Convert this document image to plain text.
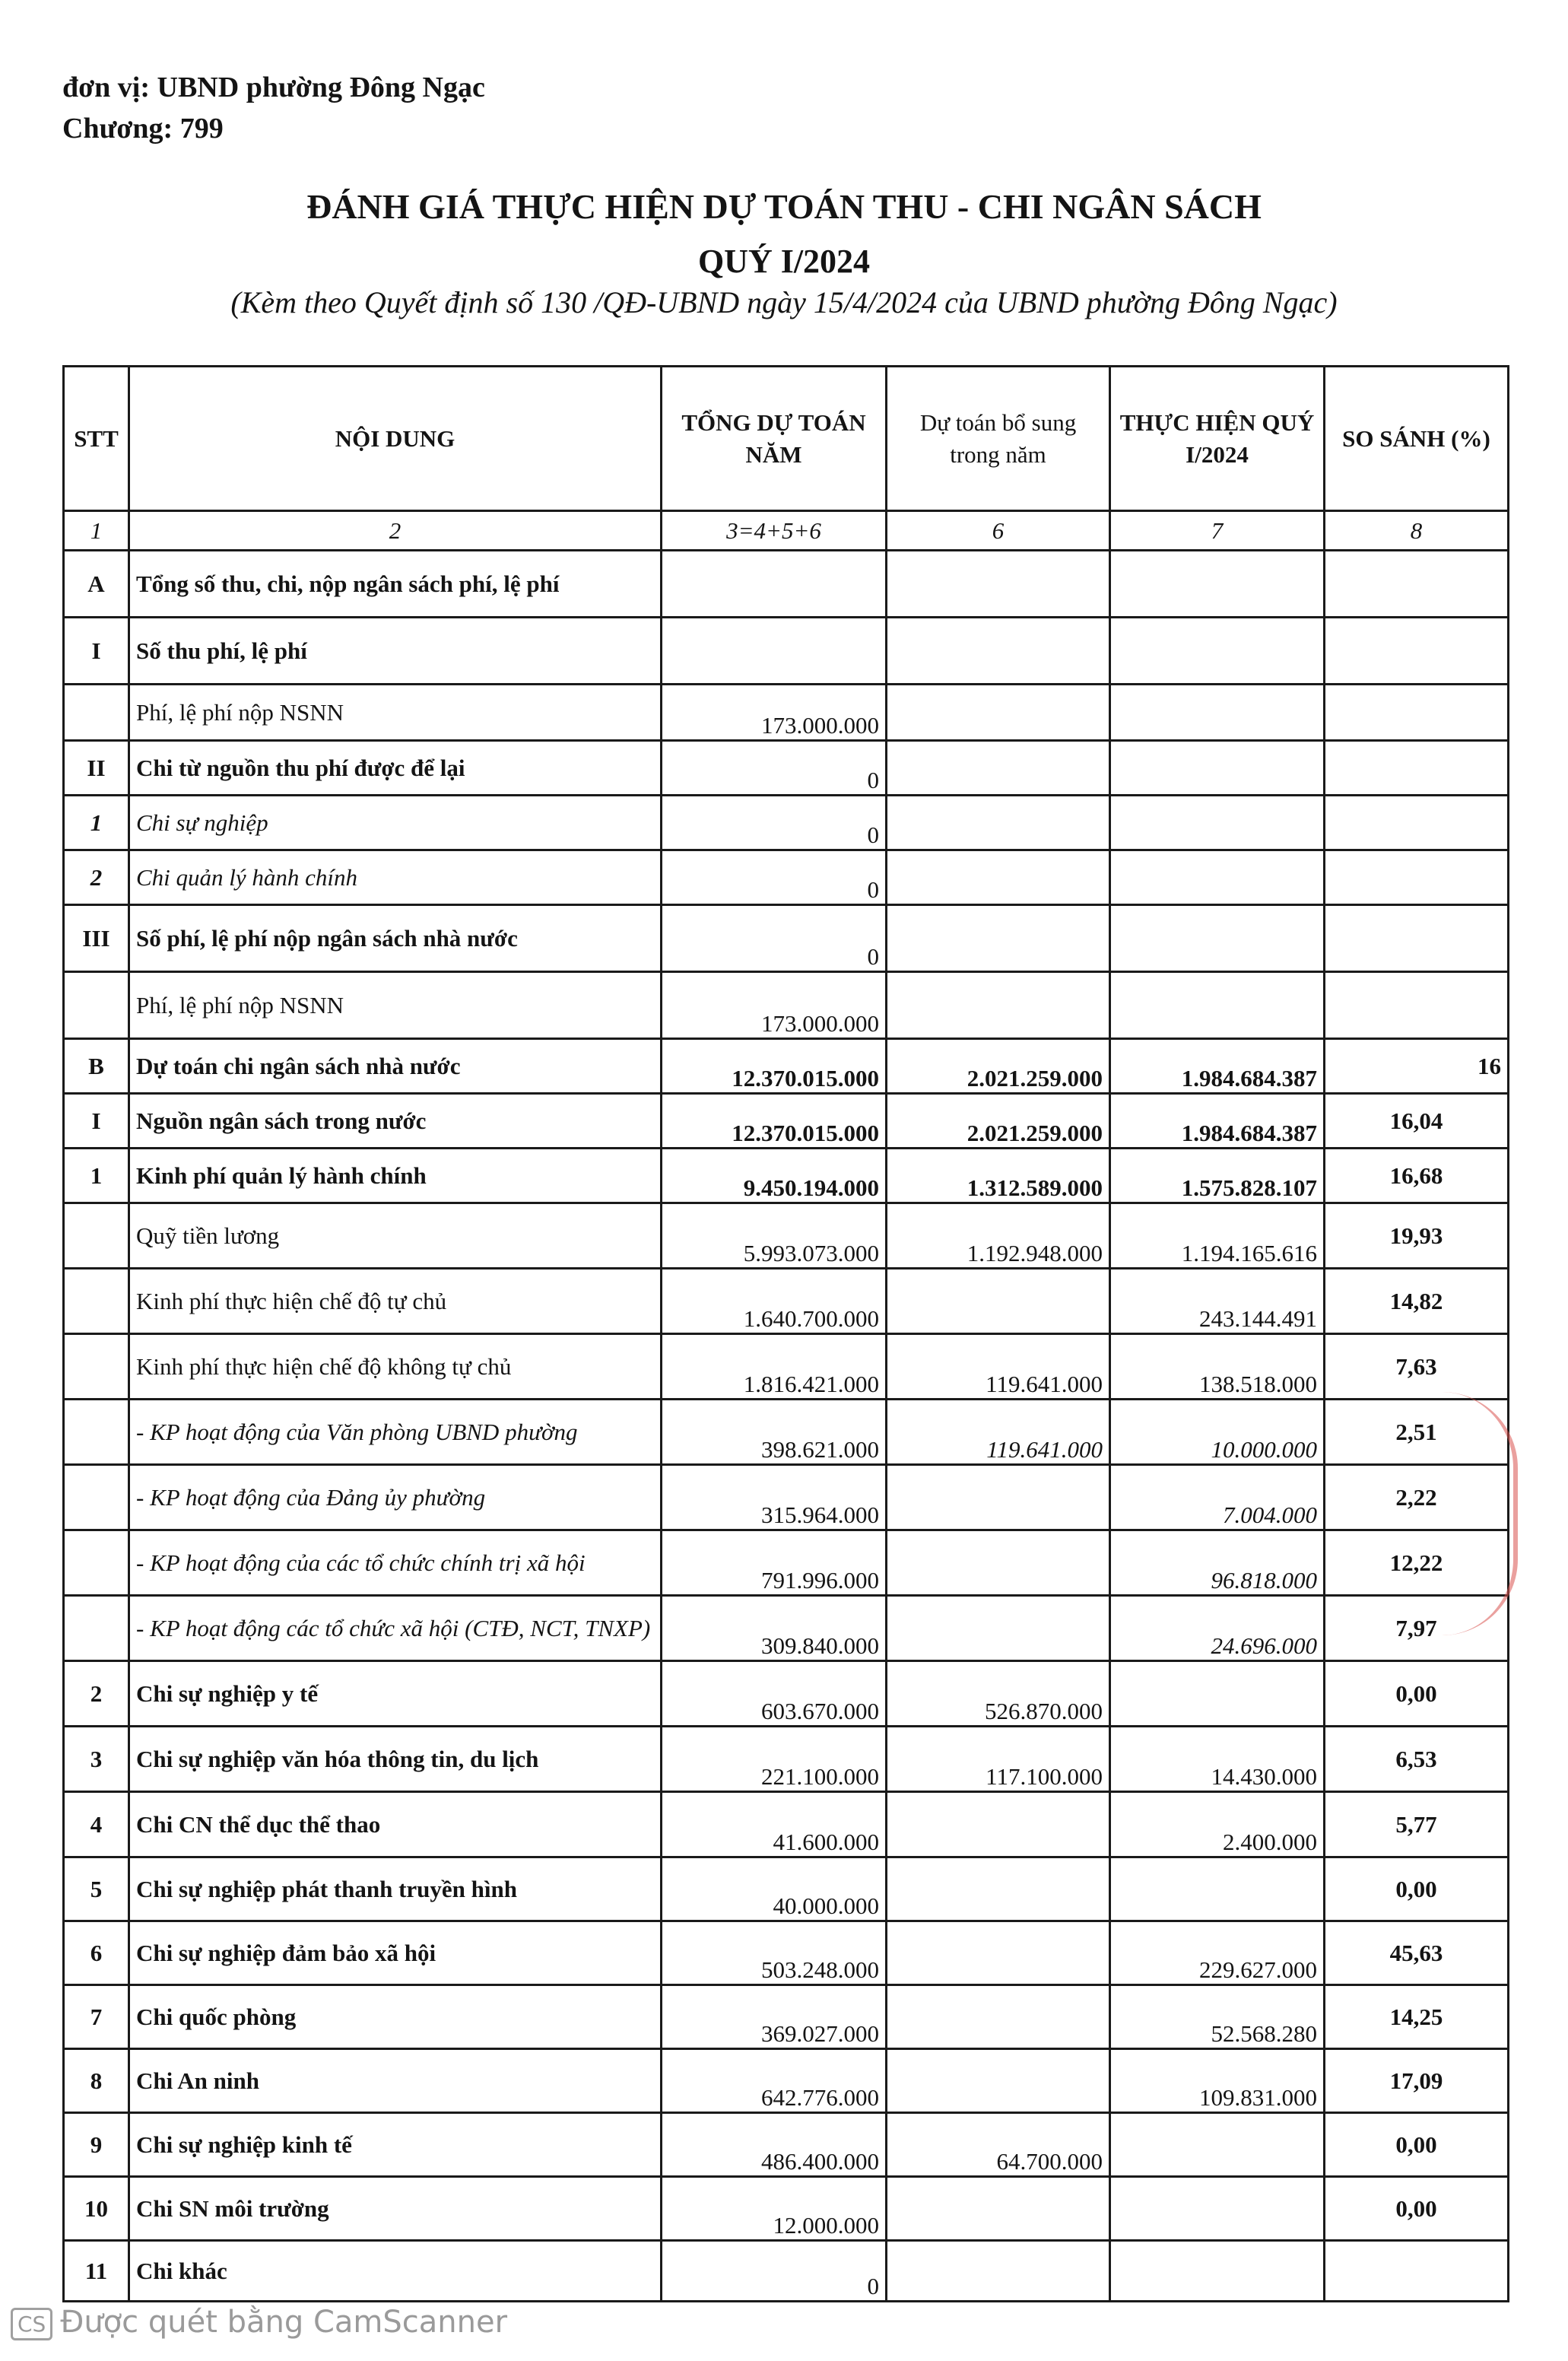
đơn vị: UBND phường Đông Ngạc
Chương: 799
ĐÁNH GIÁ THỰC HIỆN DỰ TOÁN THU - CHI NGÂN SÁCH
QUÝ I/2024
(Kèm theo Quyết định số 130 /QĐ-UBND ngày 15/4/2024 của UBND phường Đông Ngạc)
STT	NỘI DUNG	TỔNG DỰ TOÁN NĂM	Dự toán bổ sung trong năm	THỰC HIỆN QUÝ I/2024	SO SÁNH (%)
1	2	3=4+5+6	6	7	8
A	Tổng số thu, chi, nộp ngân sách phí, lệ phí				
I	Số thu phí, lệ phí				
	Phí, lệ phí nộp NSNN	173.000.000			
II	Chi từ nguồn thu phí được để lại	0			
1	Chi sự nghiệp	0			
2	Chi quản lý hành chính	0			
III	Số phí, lệ phí nộp ngân sách nhà nước	0			
	Phí, lệ phí nộp NSNN	173.000.000			
B	Dự toán chi ngân sách nhà nước	12.370.015.000	2.021.259.000	1.984.684.387	16
I	Nguồn ngân sách trong nước	12.370.015.000	2.021.259.000	1.984.684.387	16,04
1	Kinh phí quản lý hành chính	9.450.194.000	1.312.589.000	1.575.828.107	16,68
	Quỹ tiền lương	5.993.073.000	1.192.948.000	1.194.165.616	19,93
	Kinh phí thực hiện chế độ tự chủ	1.640.700.000		243.144.491	14,82
	Kinh phí thực hiện chế độ không tự chủ	1.816.421.000	119.641.000	138.518.000	7,63
	- KP hoạt động của Văn phòng UBND phường	398.621.000	119.641.000	10.000.000	2,51
	- KP hoạt động của Đảng ủy phường	315.964.000		7.004.000	2,22
	- KP hoạt động của các tổ chức chính trị xã hội	791.996.000		96.818.000	12,22
	- KP hoạt động các tổ chức xã hội (CTĐ, NCT, TNXP)	309.840.000		24.696.000	7,97
2	Chi sự nghiệp y tế	603.670.000	526.870.000		0,00
3	Chi sự nghiệp văn hóa thông tin, du lịch	221.100.000	117.100.000	14.430.000	6,53
4	Chi CN thể dục thể thao	41.600.000		2.400.000	5,77
5	Chi sự nghiệp phát thanh truyền hình	40.000.000			0,00
6	Chi sự nghiệp đảm bảo xã hội	503.248.000		229.627.000	45,63
7	Chi quốc phòng	369.027.000		52.568.280	14,25
8	Chi An ninh	642.776.000		109.831.000	17,09
9	Chi sự nghiệp kinh tế	486.400.000	64.700.000		0,00
10	Chi SN môi trường	12.000.000			0,00
11	Chi khác	0			
CS Được quét bằng CamScanner
